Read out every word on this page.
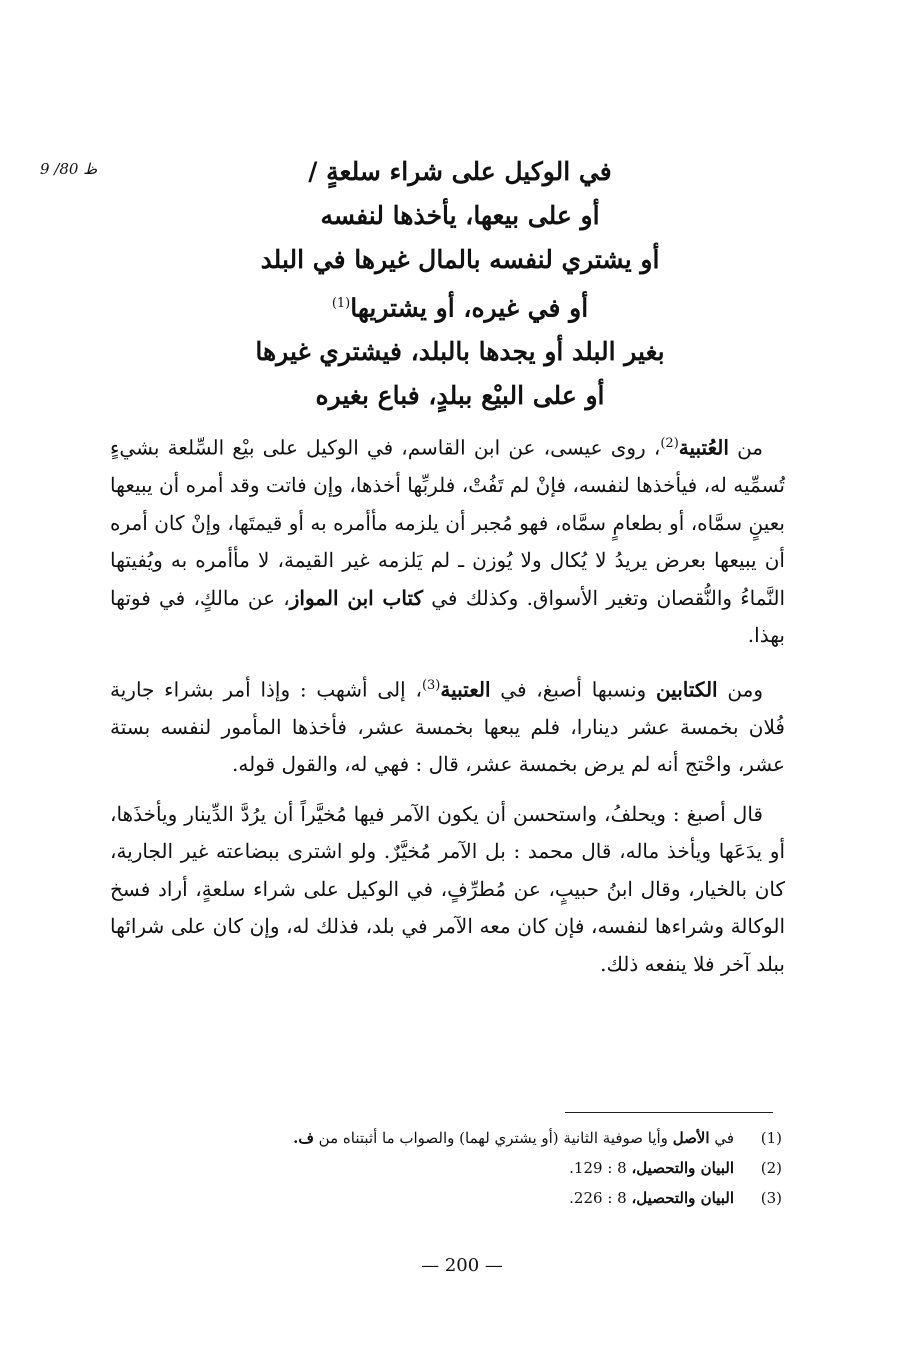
9 /80 ظ	في الوكيل على شراء سلعةٍ /
أو على بيعها، يأخذها لنفسه
أو يشتري لنفسه بالمال غيرها في البلد
أو في غيره، أو يشتريها$^{(1)}$
بغير البلد أو يجدها بالبلد، فيشتري غيرها
أو على البيْع ببلدٍ، فباع بغيره

من العُتبية$^{(2)}$، روى عيسى، عن ابن القاسم، في الوكيل على بيْع السِّلعة بشيءٍ تُسمِّيه له، فيأخذها لنفسه، فإنْ لم تَفُتْ، فلربِّها أخذها، وإن فاتت وقد أمره أن يبيعها بعينٍ سمَّاه، أو بطعامٍ سمَّاه، فهو مُجبر أن يلزمه مأأمره به أو قيمتَها، وإنْ كان أمره أن يبيعها بعرض يريدُ لا يُكال ولا يُوزن ـ لم يَلزمه غير القيمة، لا مأأمره به ويُفيتها النَّماءُ والنُّقصان وتغير الأسواق. وكذلك في كتاب ابن المواز، عن مالكٍ، في فوتها بهذا.

ومن الكتابين ونسبها أصبغ، في العتبية$^{(3)}$، إلى أشهب : وإذا أمر بشراء جارية فُلان بخمسة عشر دينارا، فلم يبعها بخمسة عشر، فأخذها المأمور لنفسه بستة عشر، واحْتج أنه لم يرض بخمسة عشر، قال : فهي له، والقول قوله.

قال أصبغ : ويحلفُ، واستحسن أن يكون الآمر فيها مُخيَّراً أن يرُدَّ الدِّينار ويأخذَها، أو يدَعَها ويأخذ ماله، قال محمد : بل الآمر مُخيَّرٌ. ولو اشترى ببضاعته غير الجارية، كان بالخيار، وقال ابنُ حبيبٍ، عن مُطرِّفٍ، في الوكيل على شراء سلعةٍ، أراد فسخ الوكالة وشراءها لنفسه، فإن كان معه الآمر في بلد، فذلك له، وإن كان على شرائها ببلد آخر فلا ينفعه ذلك.

(1)في الأصل وأيا صوفية الثانية (أو يشتري لهما) والصواب ما أثبتناه من ف.
(2)البيان والتحصيل، 8 : 129.
(3)البيان والتحصيل، 8 : 226.
— 200 —
